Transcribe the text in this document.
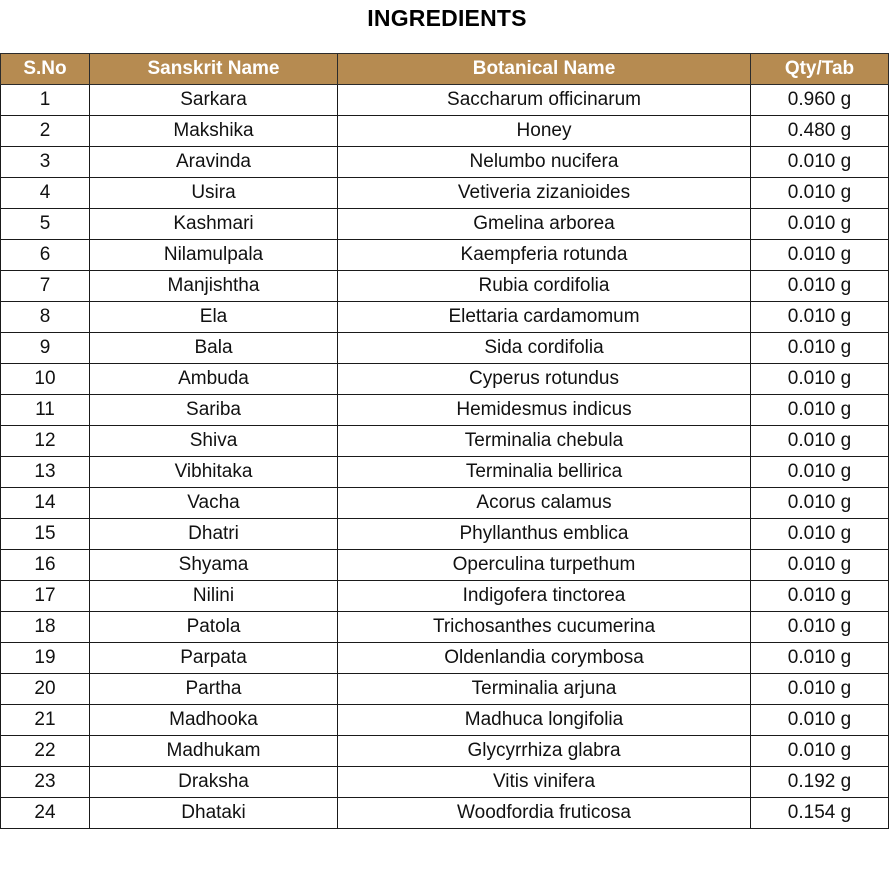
INGREDIENTS
S.No	Sanskrit Name	Botanical Name	Qty/Tab
1	Sarkara	Saccharum officinarum	0.960 g
2	Makshika	Honey	0.480 g
3	Aravinda	Nelumbo nucifera	0.010 g
4	Usira	Vetiveria zizanioides	0.010 g
5	Kashmari	Gmelina arborea	0.010 g
6	Nilamulpala	Kaempferia rotunda	0.010 g
7	Manjishtha	Rubia cordifolia	0.010 g
8	Ela	Elettaria cardamomum	0.010 g
9	Bala	Sida cordifolia	0.010 g
10	Ambuda	Cyperus rotundus	0.010 g
11	Sariba	Hemidesmus indicus	0.010 g
12	Shiva	Terminalia chebula	0.010 g
13	Vibhitaka	Terminalia bellirica	0.010 g
14	Vacha	Acorus calamus	0.010 g
15	Dhatri	Phyllanthus emblica	0.010 g
16	Shyama	Operculina turpethum	0.010 g
17	Nilini	Indigofera tinctorea	0.010 g
18	Patola	Trichosanthes cucumerina	0.010 g
19	Parpata	Oldenlandia corymbosa	0.010 g
20	Partha	Terminalia arjuna	0.010 g
21	Madhooka	Madhuca longifolia	0.010 g
22	Madhukam	Glycyrrhiza glabra	0.010 g
23	Draksha	Vitis vinifera	0.192 g
24	Dhataki	Woodfordia fruticosa	0.154 g
